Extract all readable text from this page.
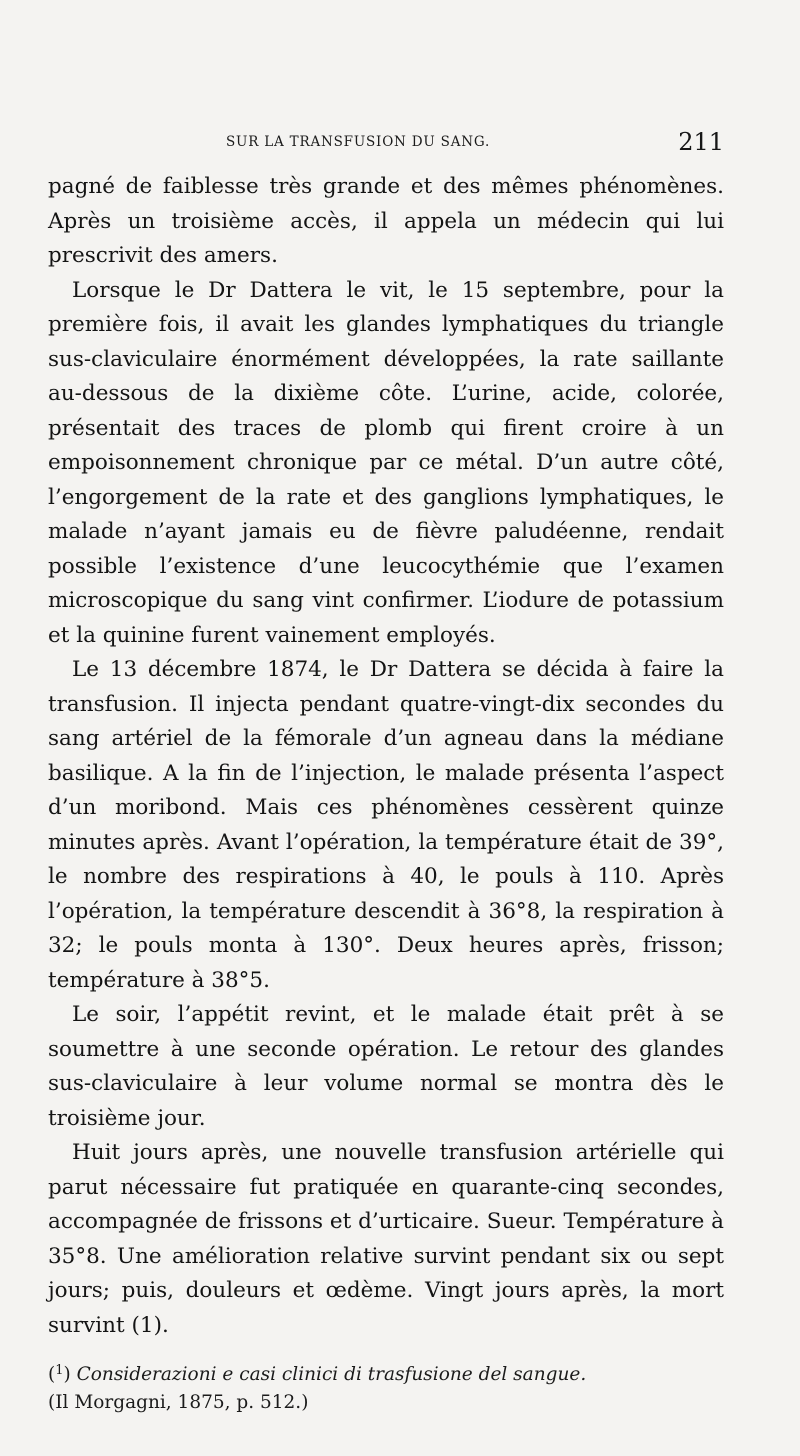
SUR LA TRANSFUSION DU SANG.	211

pagné de faiblesse très grande et des mêmes phénomènes. Après un troisième accès, il appela un médecin qui lui prescrivit des amers.

Lorsque le Dr Dattera le vit, le 15 septembre, pour la première fois, il avait les glandes lymphatiques du triangle sus-claviculaire énormément développées, la rate saillante au-dessous de la dixième côte. L’urine, acide, colorée, présentait des traces de plomb qui firent croire à un empoisonnement chronique par ce métal. D’un autre côté, l’engorgement de la rate et des ganglions lymphatiques, le malade n’ayant jamais eu de fièvre paludéenne, rendait possible l’existence d’une leucocythémie que l’examen microscopique du sang vint confirmer. L’iodure de potassium et la quinine furent vainement employés.

Le 13 décembre 1874, le Dr Dattera se décida à faire la transfusion. Il injecta pendant quatre-vingt-dix secondes du sang artériel de la fémorale d’un agneau dans la médiane basilique. A la fin de l’injection, le malade présenta l’aspect d’un moribond. Mais ces phénomènes cessèrent quinze minutes après. Avant l’opération, la température était de 39°, le nombre des respirations à 40, le pouls à 110. Après l’opération, la température descendit à 36°8, la respiration à 32; le pouls monta à 130°. Deux heures après, frisson; température à 38°5.

Le soir, l’appétit revint, et le malade était prêt à se soumettre à une seconde opération. Le retour des glandes sus-claviculaire à leur volume normal se montra dès le troisième jour.

Huit jours après, une nouvelle transfusion artérielle qui parut nécessaire fut pratiquée en quarante-cinq secondes, accompagnée de frissons et d’urticaire. Sueur. Température à 35°8. Une amélioration relative survint pendant six ou sept jours; puis, douleurs et œdème. Vingt jours après, la mort survint (1).

($^1$) Considerazioni e casi clinici di trasfusione del sangue.

(Il Morgagni, 1875, p. 512.)
